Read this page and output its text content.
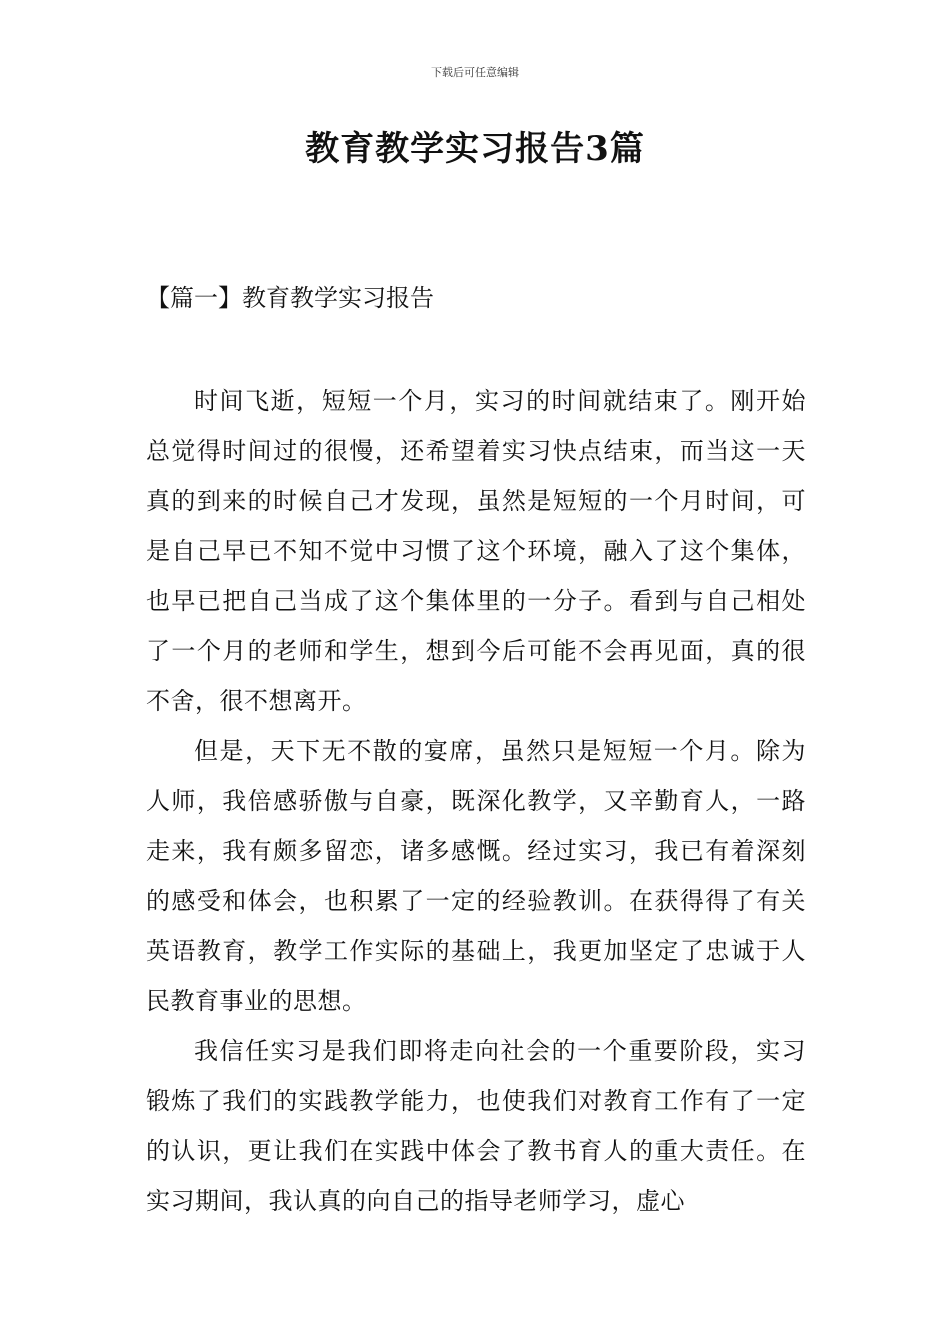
下载后可任意编辑
教育教学实习报告3篇
【篇一】教育教学实习报告

时间飞逝，短短一个月，实习的时间就结束了。刚开始总觉得时间过的很慢，还希望着实习快点结束，而当这一天真的到来的时候自己才发现，虽然是短短的一个月时间，可是自己早已不知不觉中习惯了这个环境，融入了这个集体，也早已把自己当成了这个集体里的一分子。看到与自己相处了一个月的老师和学生，想到今后可能不会再见面，真的很不舍，很不想离开。

但是，天下无不散的宴席，虽然只是短短一个月。除为人师，我倍感骄傲与自豪，既深化教学，又辛勤育人，一路走来，我有颇多留恋，诸多感慨。经过实习，我已有着深刻的感受和体会，也积累了一定的经验教训。在获得得了有关英语教育，教学工作实际的基础上，我更加坚定了忠诚于人民教育事业的思想。

我信任实习是我们即将走向社会的一个重要阶段，实习锻炼了我们的实践教学能力，也使我们对教育工作有了一定的认识，更让我们在实践中体会了教书育人的重大责任。在实习期间，我认真的向自己的指导老师学习，虚心
